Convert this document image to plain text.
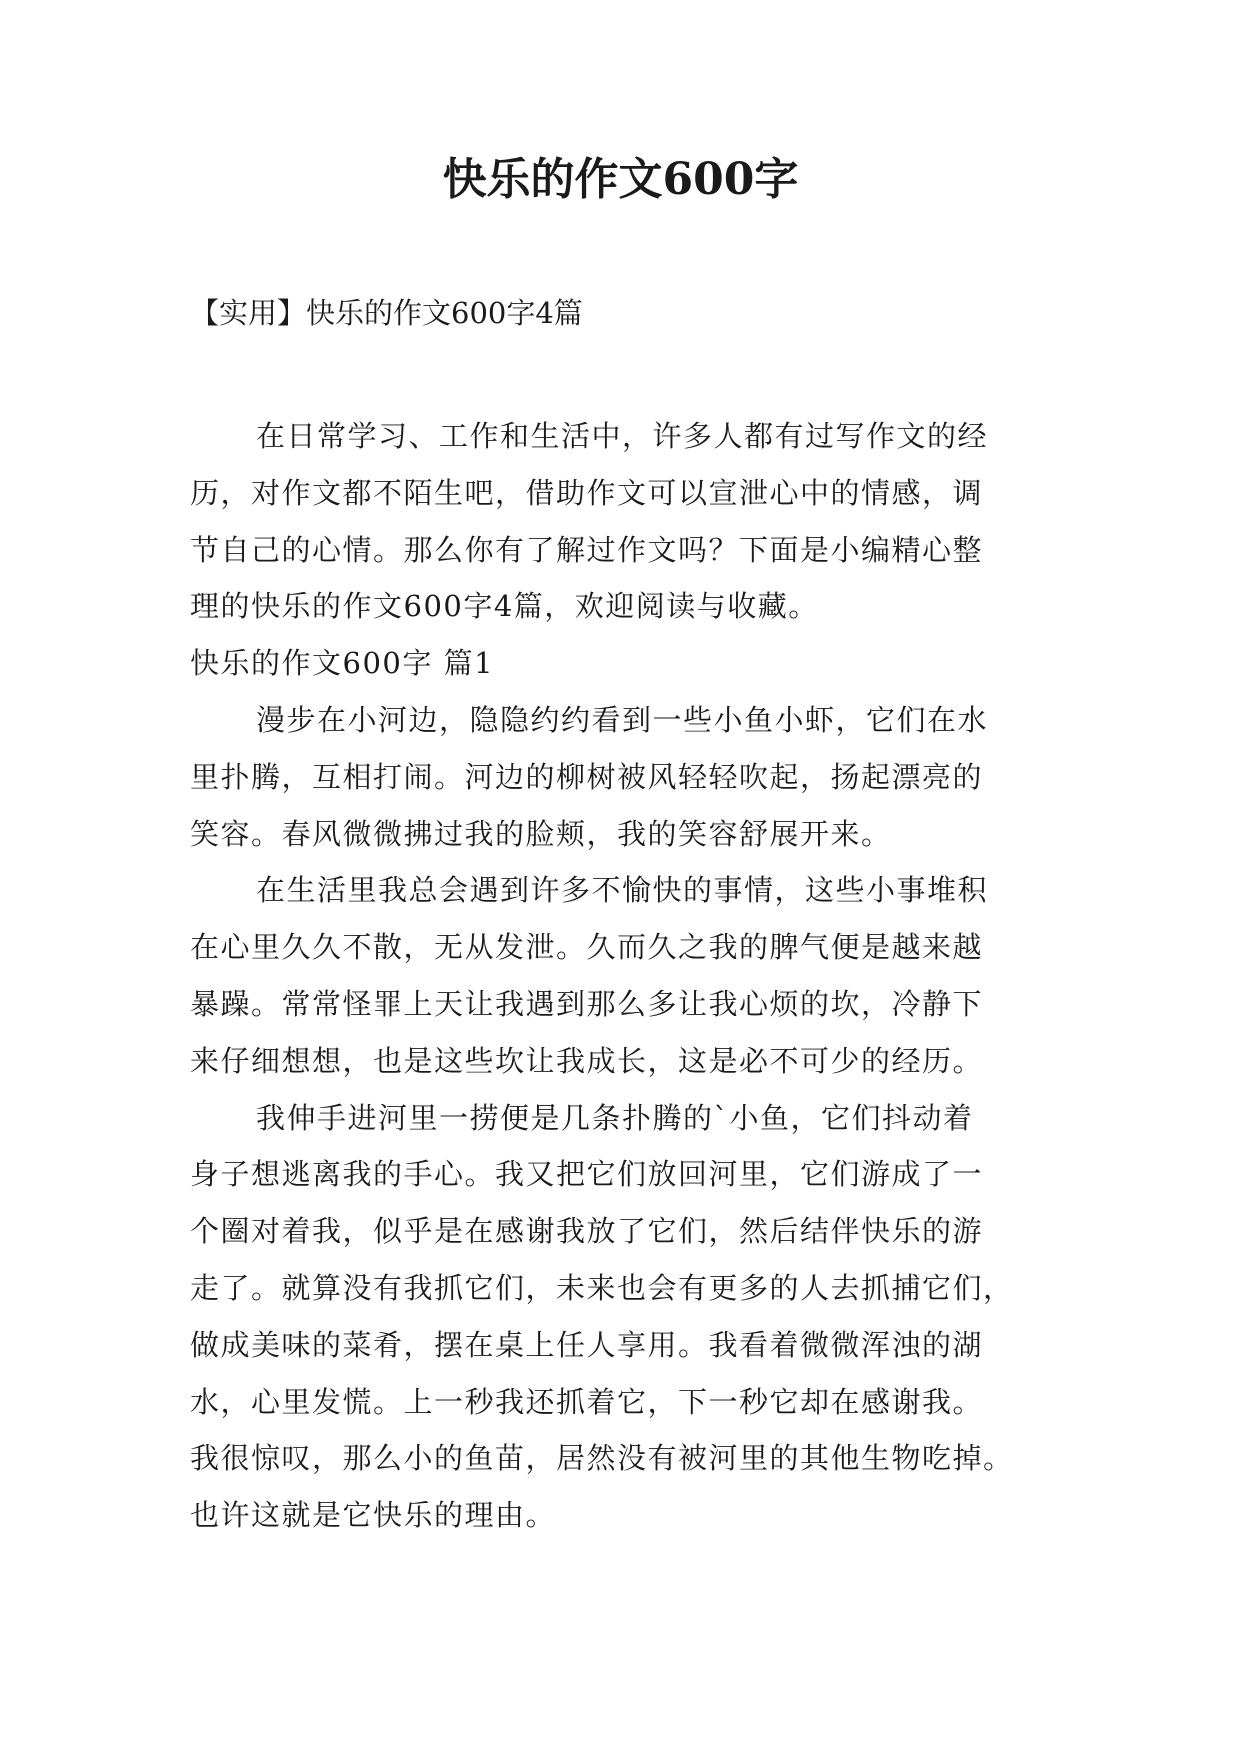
快乐的作文600字

【实用】快乐的作文600字4篇

在日常学习、工作和生活中，许多人都有过写作文的经
历，对作文都不陌生吧，借助作文可以宣泄心中的情感，调
节自己的心情。那么你有了解过作文吗？下面是小编精心整
理的快乐的作文600字4篇，欢迎阅读与收藏。
快乐的作文600字 篇1
漫步在小河边，隐隐约约看到一些小鱼小虾，它们在水
里扑腾，互相打闹。河边的柳树被风轻轻吹起，扬起漂亮的
笑容。春风微微拂过我的脸颊，我的笑容舒展开来。
在生活里我总会遇到许多不愉快的事情，这些小事堆积
在心里久久不散，无从发泄。久而久之我的脾气便是越来越
暴躁。常常怪罪上天让我遇到那么多让我心烦的坎，冷静下
来仔细想想，也是这些坎让我成长，这是必不可少的经历。
我伸手进河里一捞便是几条扑腾的`小鱼，它们抖动着
身子想逃离我的手心。我又把它们放回河里，它们游成了一
个圈对着我，似乎是在感谢我放了它们，然后结伴快乐的游
走了。就算没有我抓它们，未来也会有更多的人去抓捕它们，
做成美味的菜肴，摆在桌上任人享用。我看着微微浑浊的湖
水，心里发慌。上一秒我还抓着它，下一秒它却在感谢我。
我很惊叹，那么小的鱼苗，居然没有被河里的其他生物吃掉。
也许这就是它快乐的理由。
